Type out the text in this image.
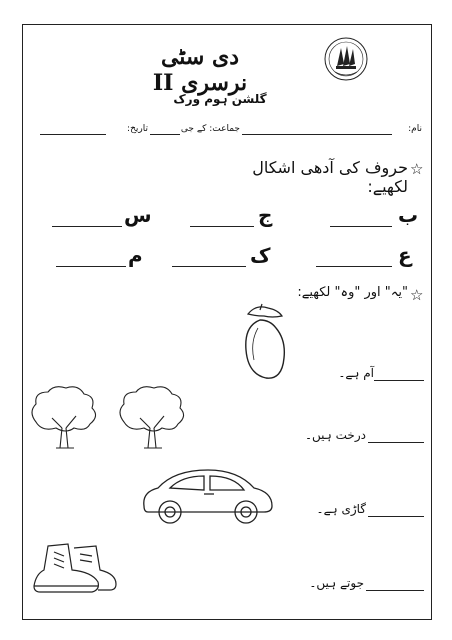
دی سٹی نرسری II
گلشن ہوم ورک
نام:
جماعت: کے جی
تاریخ:
☆
حروف کی آدھی اشکال لکھیے:
ب
ج
س
ع
ک
م
☆
"یہ" اور "وہ" لکھیے:
آم ہے۔
درخت ہیں۔
گاڑی ہے۔
جوتے ہیں۔
